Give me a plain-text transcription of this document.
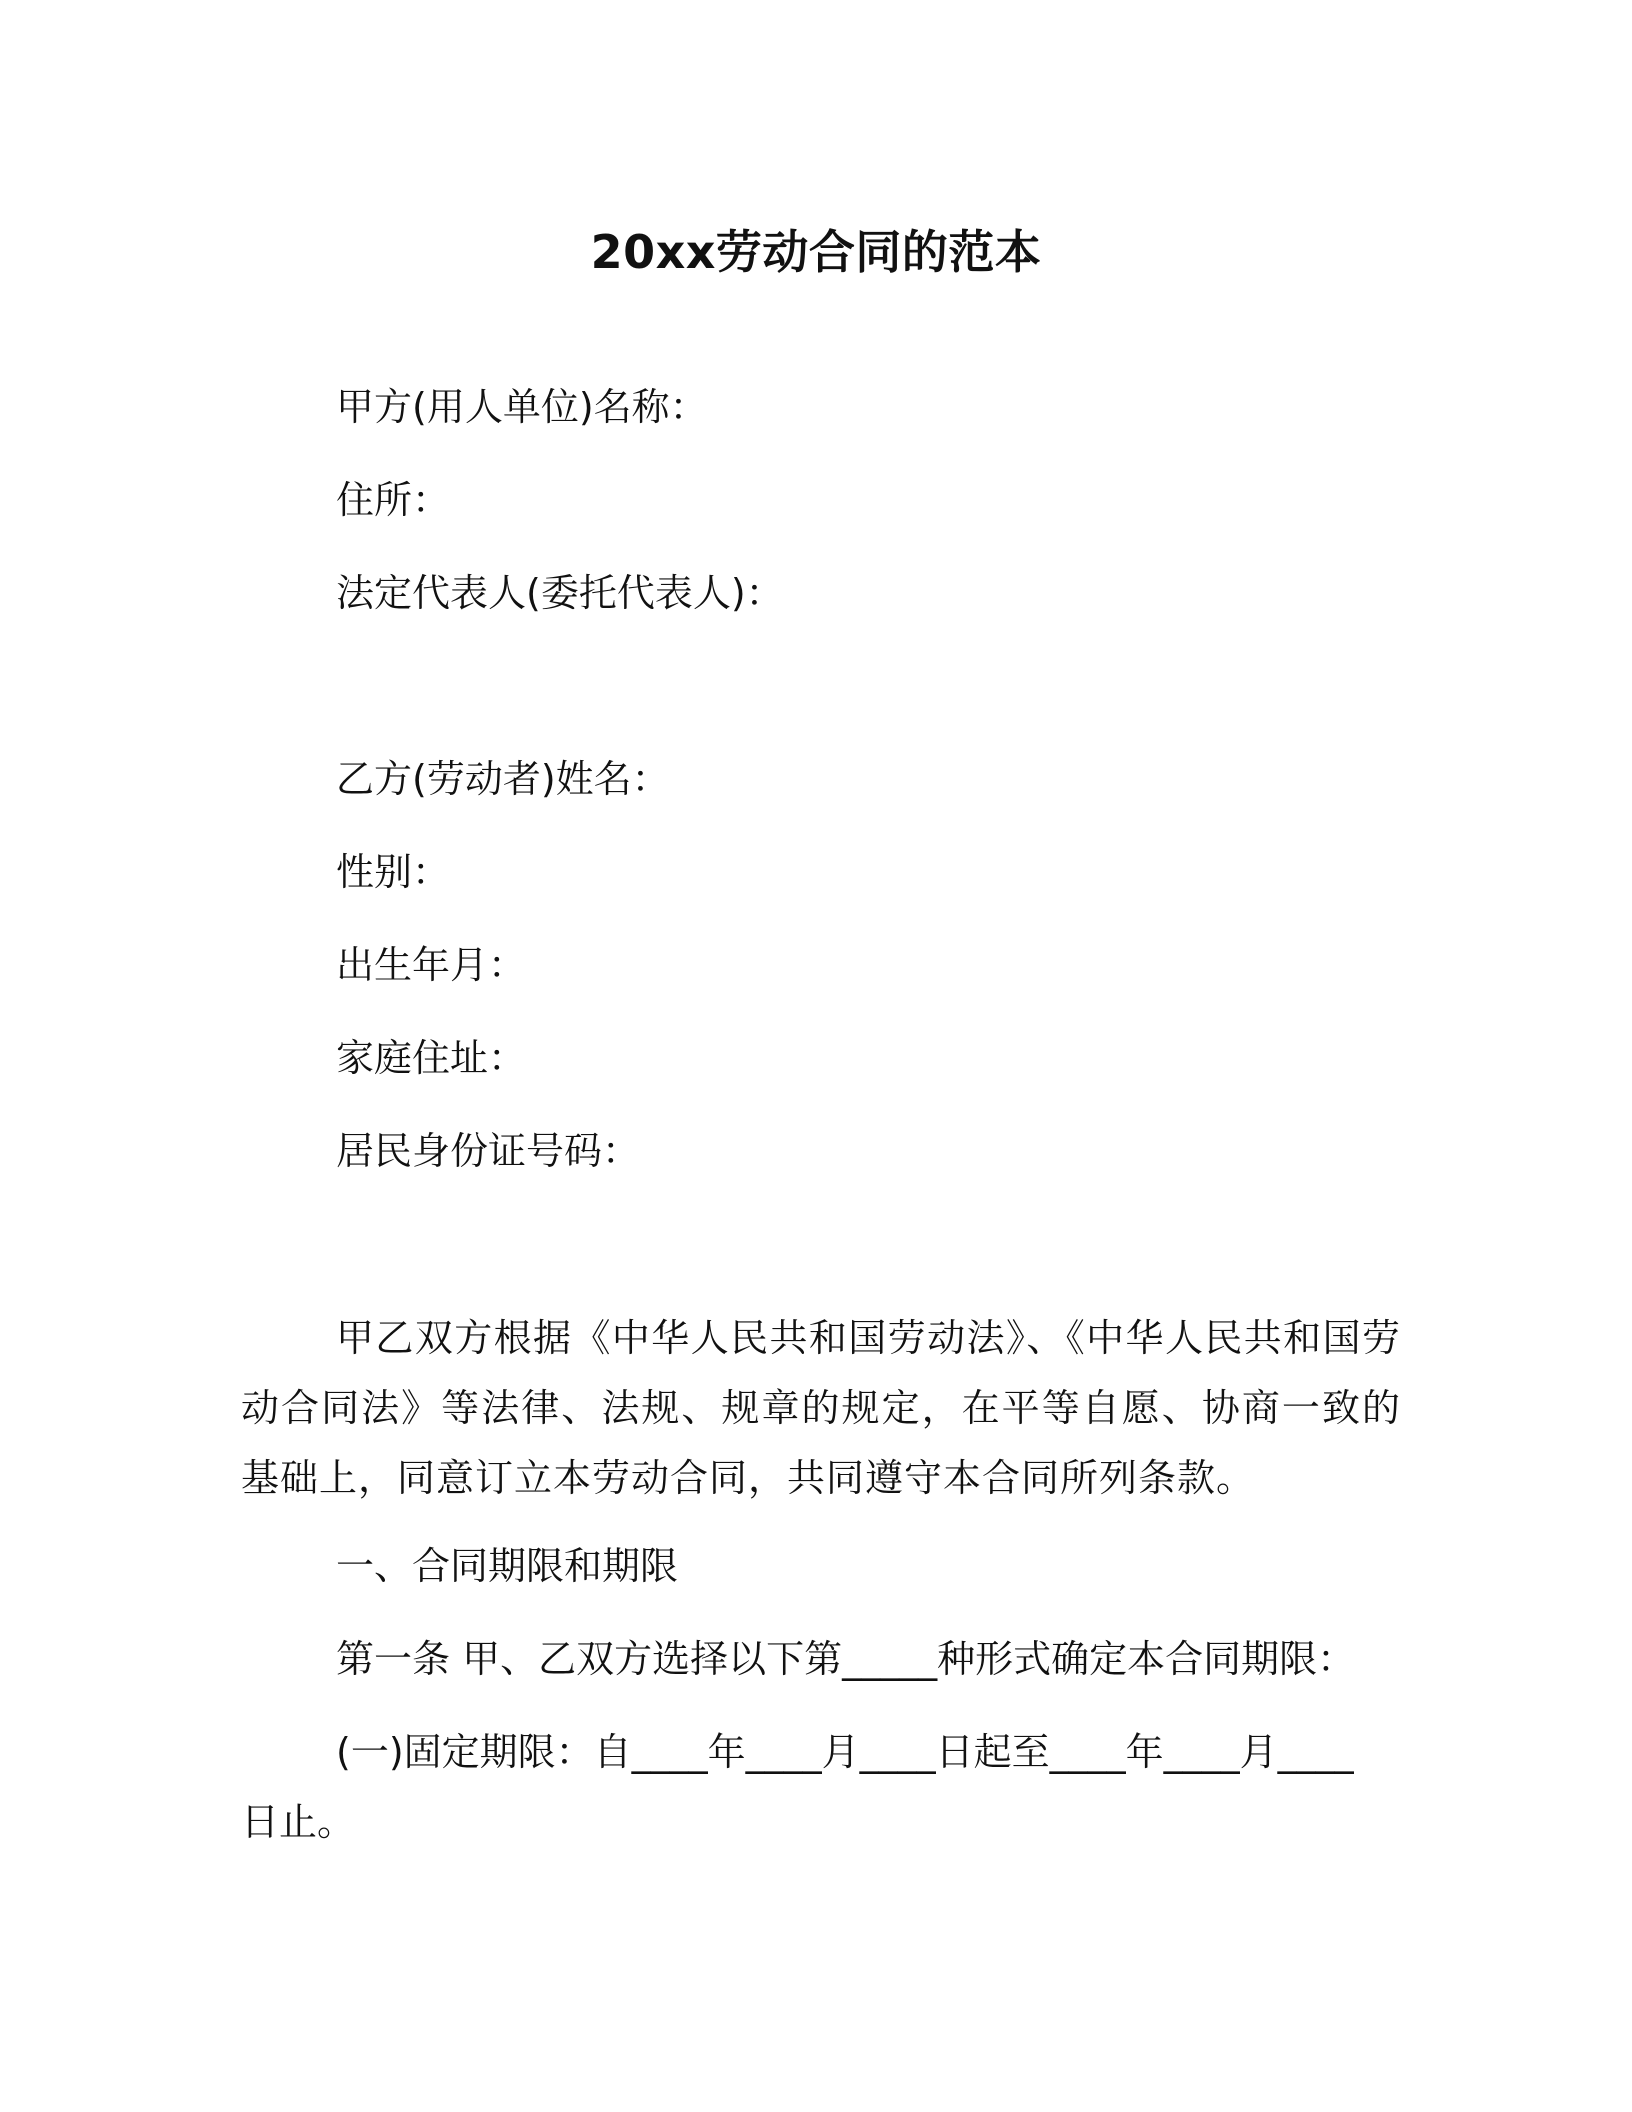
20xx劳动合同的范本
甲方(用人单位)名称：
住所：
法定代表人(委托代表人)：
乙方(劳动者)姓名：
性别：
出生年月：
家庭住址：
居民身份证号码：
甲乙双方根据《中华人民共和国劳动法》、《中华人民共和国劳动合同法》等法律、法规、规章的规定，在平等自愿、协商一致的基础上，同意订立本劳动合同，共同遵守本合同所列条款。
一、合同期限和期限
第一条 甲、乙双方选择以下第_____种形式确定本合同期限：
(一)固定期限：自____年____月____日起至____年____月____
日止。
